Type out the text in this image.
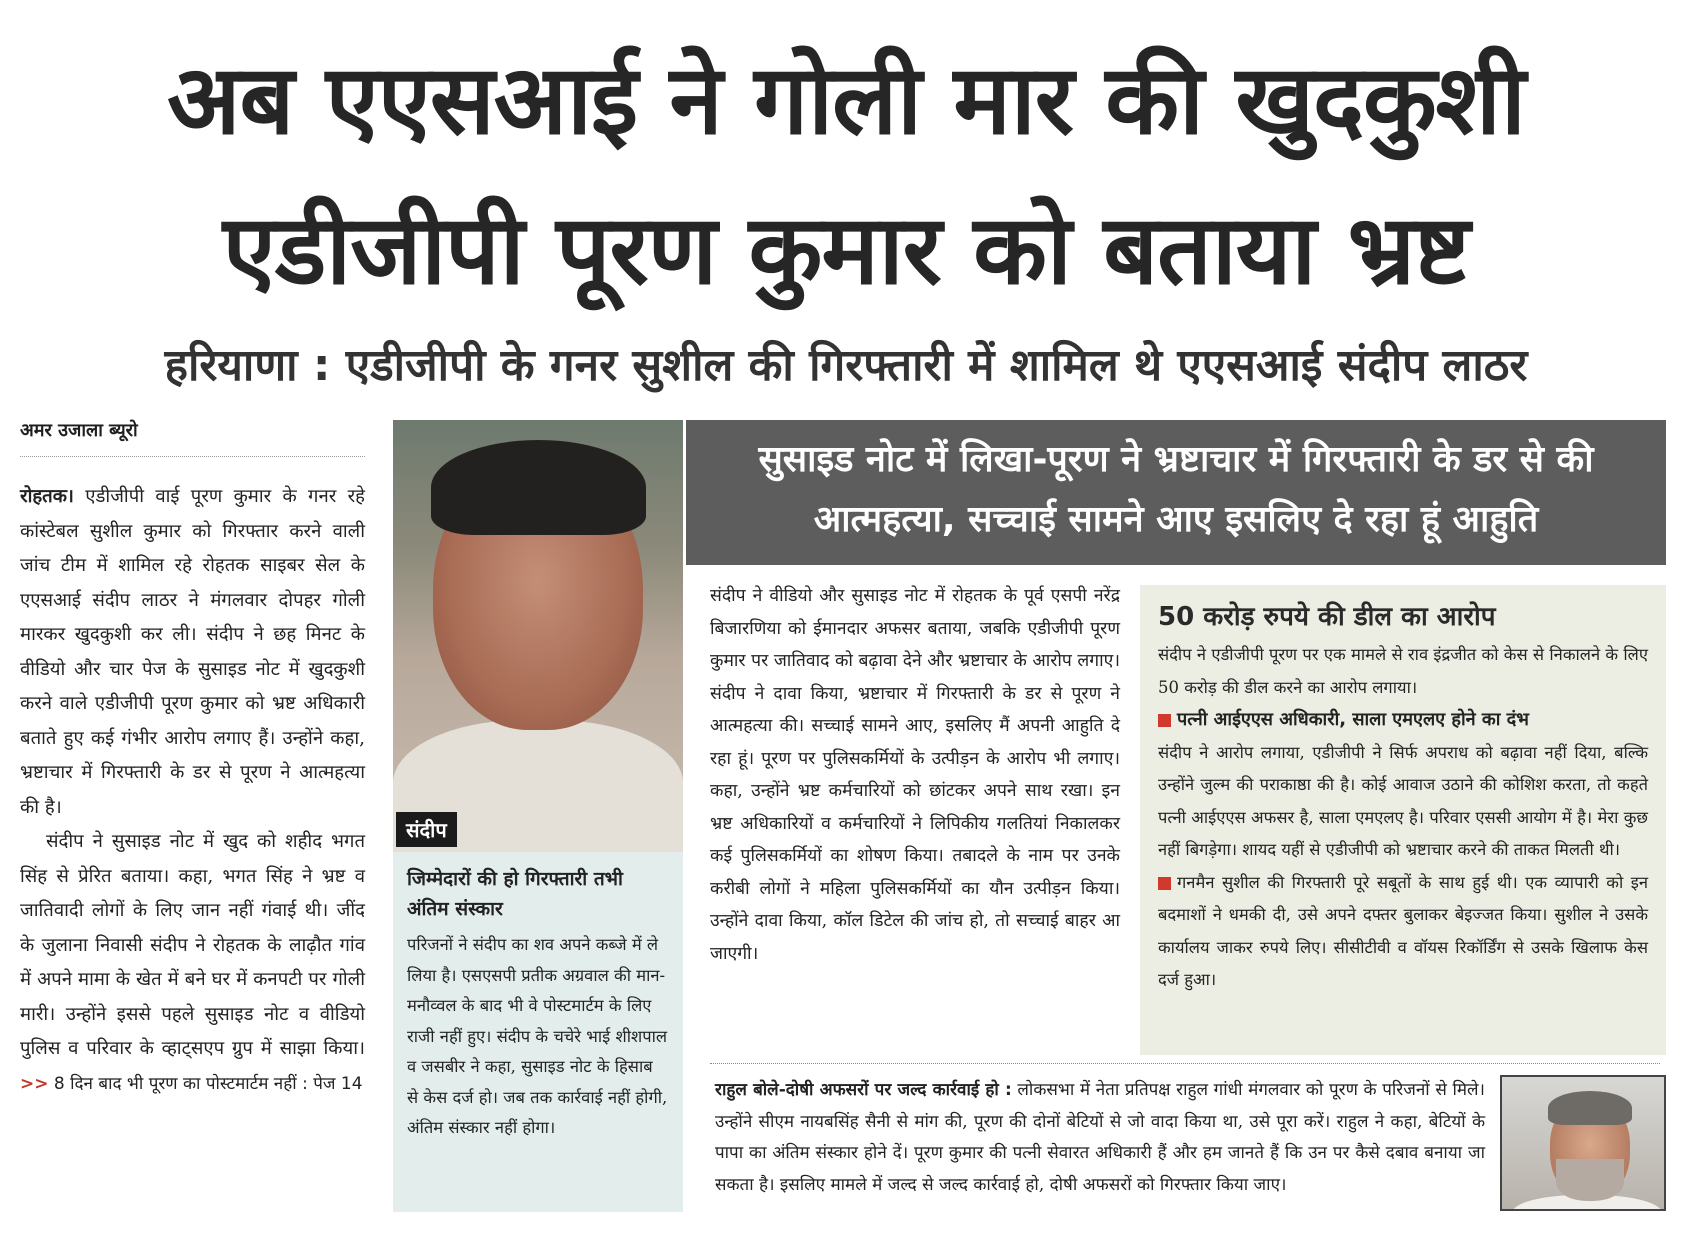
अब एएसआई ने गोली मार की खुदकुशी
एडीजीपी पूरण कुमार को बताया भ्रष्ट
हरियाणा : एडीजीपी के गनर सुशील की गिरफ्तारी में शामिल थे एएसआई संदीप लाठर
अमर उजाला ब्यूरो

रोहतक। एडीजीपी वाई पूरण कुमार के गनर रहे कांस्टेबल सुशील कुमार को गिरफ्तार करने वाली जांच टीम में शामिल रहे रोहतक साइबर सेल के एएसआई संदीप लाठर ने मंगलवार दोपहर गोली मारकर खुदकुशी कर ली। संदीप ने छह मिनट के वीडियो और चार पेज के सुसाइड नोट में खुदकुशी करने वाले एडीजीपी पूरण कुमार को भ्रष्ट अधिकारी बताते हुए कई गंभीर आरोप लगाए हैं। उन्होंने कहा, भ्रष्टाचार में गिरफ्तारी के डर से पूरण ने आत्महत्या की है।

संदीप ने सुसाइड नोट में खुद को शहीद भगत सिंह से प्रेरित बताया। कहा, भगत सिंह ने भ्रष्ट व जातिवादी लोगों के लिए जान नहीं गंवाई थी। जींद के जुलाना निवासी संदीप ने रोहतक के लाढ़ौत गांव में अपने मामा के खेत में बने घर में कनपटी पर गोली मारी। उन्होंने इससे पहले सुसाइड नोट व वीडियो पुलिस व परिवार के व्हाट्सएप ग्रुप में साझा किया। >> 8 दिन बाद भी पूरण का पोस्टमार्टम नहीं : पेज 14

संदीप
जिम्मेदारों की हो गिरफ्तारी तभी अंतिम संस्कार
परिजनों ने संदीप का शव अपने कब्जे में ले लिया है। एसएसपी प्रतीक अग्रवाल की मान-मनौव्वल के बाद भी वे पोस्टमार्टम के लिए राजी नहीं हुए। संदीप के चचेरे भाई शीशपाल व जसबीर ने कहा, सुसाइड नोट के हिसाब से केस दर्ज हो। जब तक कार्रवाई नहीं होगी, अंतिम संस्कार नहीं होगा।
सुसाइड नोट में लिखा-पूरण ने भ्रष्टाचार में गिरफ्तारी के डर से की आत्महत्या, सच्चाई सामने आए इसलिए दे रहा हूं आहुति
संदीप ने वीडियो और सुसाइड नोट में रोहतक के पूर्व एसपी नरेंद्र बिजारणिया को ईमानदार अफसर बताया, जबकि एडीजीपी पूरण कुमार पर जातिवाद को बढ़ावा देने और भ्रष्टाचार के आरोप लगाए। संदीप ने दावा किया, भ्रष्टाचार में गिरफ्तारी के डर से पूरण ने आत्महत्या की। सच्चाई सामने आए, इसलिए मैं अपनी आहुति दे रहा हूं। पूरण पर पुलिसकर्मियों के उत्पीड़न के आरोप भी लगाए। कहा, उन्होंने भ्रष्ट कर्मचारियों को छांटकर अपने साथ रखा। इन भ्रष्ट अधिकारियों व कर्मचारियों ने लिपिकीय गलतियां निकालकर कई पुलिसकर्मियों का शोषण किया। तबादले के नाम पर उनके करीबी लोगों ने महिला पुलिसकर्मियों का यौन उत्पीड़न किया। उन्होंने दावा किया, कॉल डिटेल की जांच हो, तो सच्चाई बाहर आ जाएगी।
50 करोड़ रुपये की डील का आरोप
संदीप ने एडीजीपी पूरण पर एक मामले से राव इंद्रजीत को केस से निकालने के लिए 50 करोड़ की डील करने का आरोप लगाया।
पत्नी आईएएस अधिकारी, साला एमएलए होने का दंभ
संदीप ने आरोप लगाया, एडीजीपी ने सिर्फ अपराध को बढ़ावा नहीं दिया, बल्कि उन्होंने जुल्म की पराकाष्ठा की है। कोई आवाज उठाने की कोशिश करता, तो कहते पत्नी आईएएस अफसर है, साला एमएलए है। परिवार एससी आयोग में है। मेरा कुछ नहीं बिगड़ेगा। शायद यहीं से एडीजीपी को भ्रष्टाचार करने की ताकत मिलती थी।
गनमैन सुशील की गिरफ्तारी पूरे सबूतों के साथ हुई थी। एक व्यापारी को इन बदमाशों ने धमकी दी, उसे अपने दफ्तर बुलाकर बेइज्जत किया। सुशील ने उसके कार्यालय जाकर रुपये लिए। सीसीटीवी व वॉयस रिकॉर्डिंग से उसके खिलाफ केस दर्ज हुआ।
राहुल बोले-दोषी अफसरों पर जल्द कार्रवाई हो : लोकसभा में नेता प्रतिपक्ष राहुल गांधी मंगलवार को पूरण के परिजनों से मिले। उन्होंने सीएम नायबसिंह सैनी से मांग की, पूरण की दोनों बेटियों से जो वादा किया था, उसे पूरा करें। राहुल ने कहा, बेटियों के पापा का अंतिम संस्कार होने दें। पूरण कुमार की पत्नी सेवारत अधिकारी हैं और हम जानते हैं कि उन पर कैसे दबाव बनाया जा सकता है। इसलिए मामले में जल्द से जल्द कार्रवाई हो, दोषी अफसरों को गिरफ्तार किया जाए।
